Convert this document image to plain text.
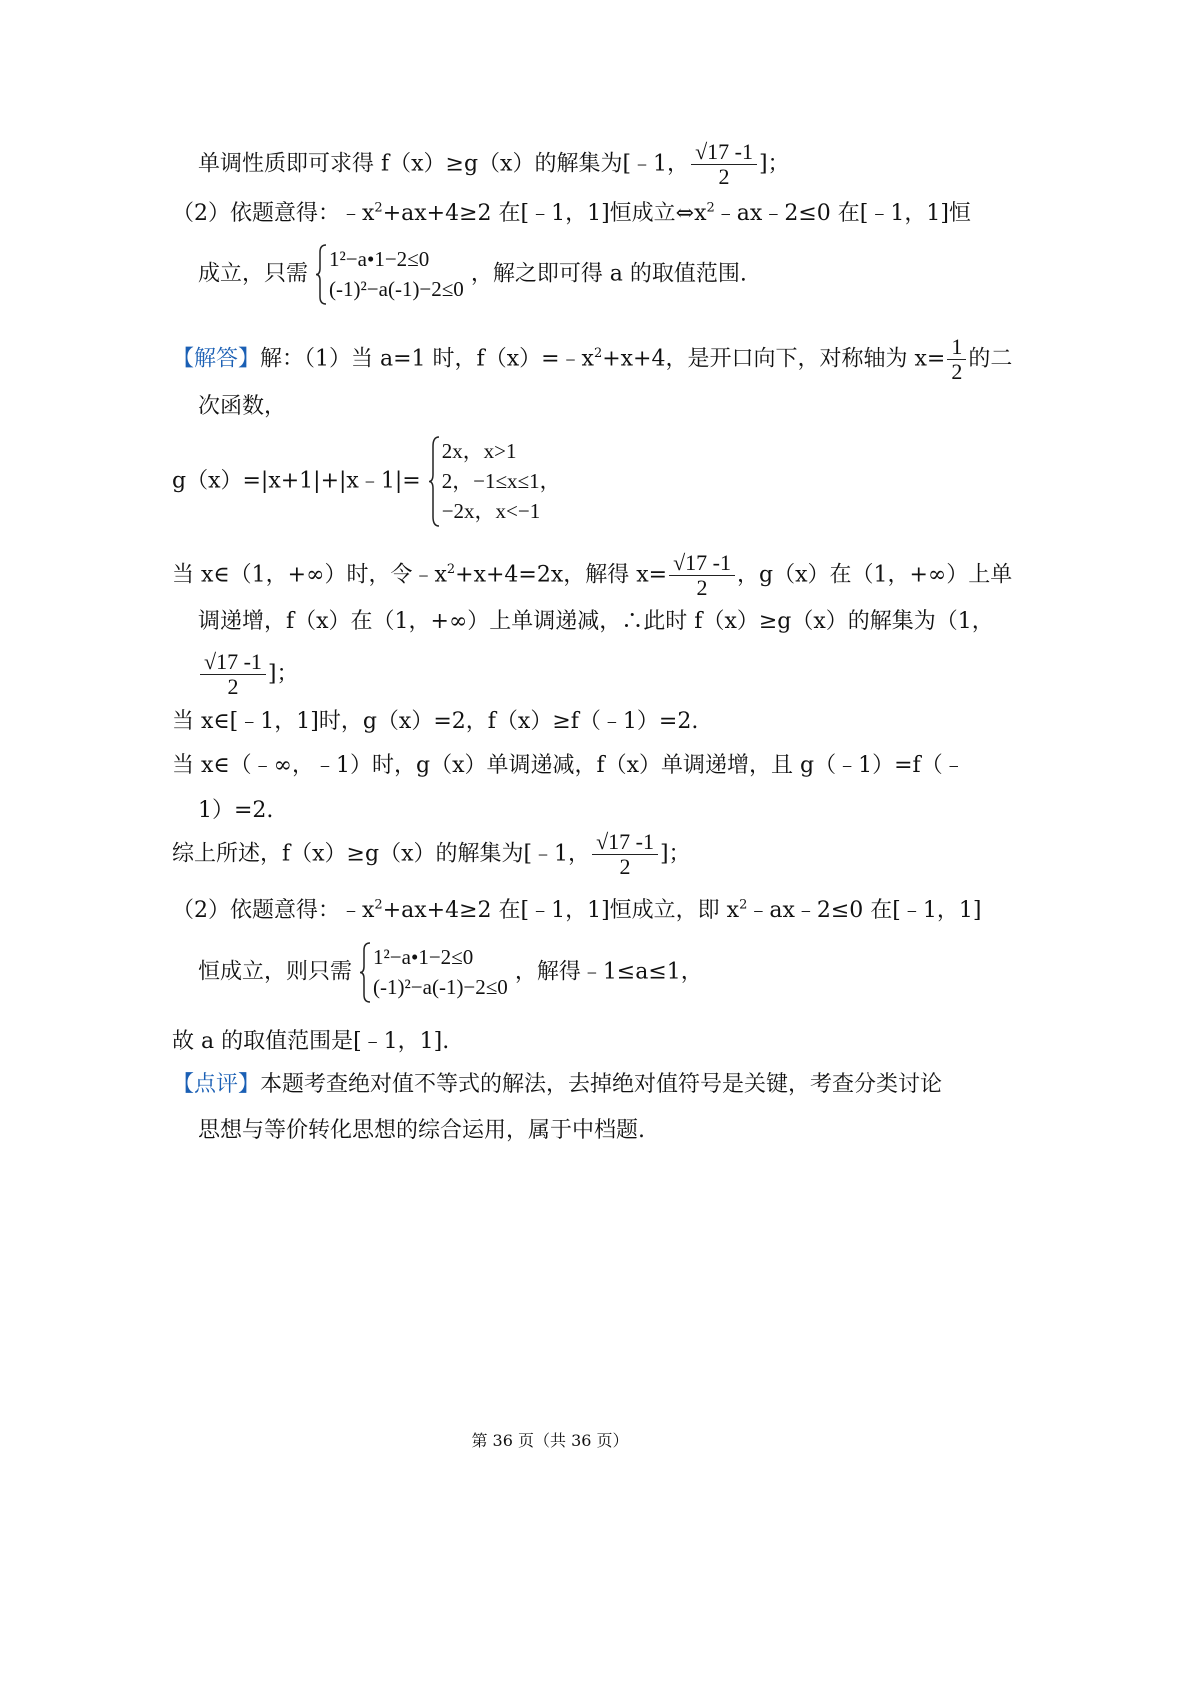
单调性质即可求得 f（x）≥g（x）的解集为[﹣1， $\frac{√17 -1}{2}$ ]；
（2）依题意得：$﹣x^2+ax+4\ge 2$ 在[﹣1，1]恒成立$\Leftrightarrow x^2﹣ax﹣2\le 0$ 在[﹣1，1]恒
成立，只需
1²−a•1−2≤0
(-1)²−a(-1)−2≤0
，解之即可得 a 的取值范围.
【解答】解：（1）当 a=1 时，$f(x)=﹣x^2+x+4$，是开口向下，对称轴为 $x= \frac{1}{2}$ 的二
次函数，
g（x）=|x+1|+|x﹣1|=
2x，x>1
2，−1≤x≤1，
−2x，x<−1
当 x∈（1，+∞）时，令$﹣x^2+x+4=2x$，解得 $x= \frac{√17 -1}{2}$ ，g（x）在（1，+∞）上单
调递增，f（x）在（1，+∞）上单调递减，∴此时 f（x）≥g（x）的解集为（1，
$\frac{√17 -1}{2}$ ]；
当 x∈[﹣1，1]时，g（x）=2，f（x）≥f（﹣1）=2.
当 x∈（﹣∞，﹣1）时，g（x）单调递减，f（x）单调递增，且 g（﹣1）=f（﹣
1）=2.
综上所述，f（x）≥g（x）的解集为[﹣1， $\frac{√17 -1}{2}$ ]；
（2）依题意得：$﹣x^2+ax+4\ge 2$ 在[﹣1，1]恒成立，即 $x^2﹣ax﹣2\le 0$ 在[﹣1，1]
恒成立，则只需
1²−a•1−2≤0
(-1)²−a(-1)−2≤0
，解得﹣1≤a≤1，
故 a 的取值范围是[﹣1，1].
【点评】本题考查绝对值不等式的解法，去掉绝对值符号是关键，考查分类讨论
思想与等价转化思想的综合运用，属于中档题.
第 36 页（共 36 页）
